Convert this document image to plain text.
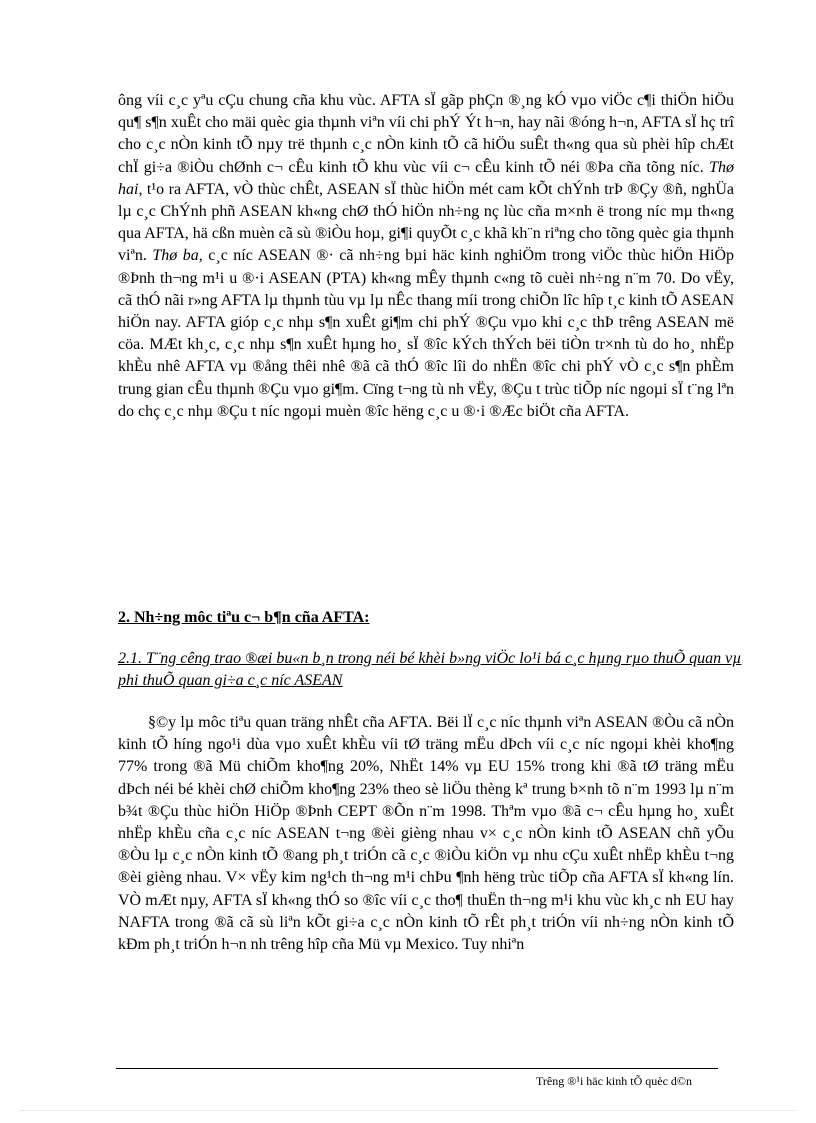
ông víi c¸c yªu cÇu chung cña khu vùc. AFTA sÏ gãp phÇn ®¸ng kÓ vµo viÖc c¶i thiÖn hiÖu qu¶ s¶n xuÊt cho mäi quèc gia thµnh viªn víi chi phÝ Ýt h¬n, hay nãi ®óng h¬n, AFTA sÏ hç trî cho c¸c nÒn kinh tÕ nµy trë thµnh c¸c nÒn kinh tÕ cã hiÖu suÊt th«ng qua sù phèi hîp chÆt chÏ gi÷a ®iÒu chØnh c¬ cÊu kinh tÕ khu vùc víi c¬ cÊu kinh tÕ néi ®Þa cña tõng níc. Thø hai, t¹o ra AFTA, vÒ thùc chÊt, ASEAN sÏ thùc hiÖn mét cam kÕt chÝnh trÞ ®Çy ®ñ, nghÜa lµ c¸c ChÝnh phñ ASEAN kh«ng chØ thÓ hiÖn nh÷ng nç lùc cña m×nh ë trong níc mµ th«ng qua AFTA, hä cßn muèn cã sù ®iÒu hoµ, gi¶i quyÕt c¸c khã kh¨n riªng cho tõng quèc gia thµnh viªn. Thø ba, c¸c níc ASEAN ®· cã nh÷ng bµi häc kinh nghiÖm trong viÖc thùc hiÖn HiÖp ®Þnh th¬ng m¹i u ®·i ASEAN (PTA) kh«ng mÊy thµnh c«ng tõ cuèi nh÷ng n¨m 70. Do vËy, cã thÓ nãi r»ng AFTA lµ thµnh tùu vµ lµ nÊc thang míi trong chiÕn lîc hîp t¸c kinh tÕ ASEAN hiÖn nay. AFTA gióp c¸c nhµ s¶n xuÊt gi¶m chi phÝ ®Çu vµo khi c¸c thÞ trêng ASEAN më cöa. MÆt kh¸c, c¸c nhµ s¶n xuÊt hµng ho¸ sÏ ®îc kÝch thÝch bëi tiÒn tr×nh tù do ho¸ nhËp khÈu nhê AFTA vµ ®ång thêi nhê ®ã cã thÓ ®îc lîi do nhËn ®îc chi phÝ vÒ c¸c s¶n phÈm trung gian cÊu thµnh ®Çu vµo gi¶m. Cïng t¬ng tù nh vËy, ®Çu t trùc tiÕp níc ngoµi sÏ t¨ng lªn do chç c¸c nhµ ®Çu t níc ngoµi muèn ®îc hëng c¸c u ®·i ®Æc biÖt cña AFTA.

2. Nh÷ng môc tiªu c¬ b¶n cña AFTA:
2.1. T¨ng cêng trao ®æi bu«n b¸n trong néi bé khèi b»ng viÖc lo¹i bá c¸c hµng rµo thuÕ quan vµ phi thuÕ quan gi÷a c¸c níc ASEAN

§©y lµ môc tiªu quan träng nhÊt cña AFTA. Bëi lÏ c¸c níc thµnh viªn ASEAN ®Òu cã nÒn kinh tÕ híng ngo¹i dùa vµo xuÊt khÈu víi tØ träng mËu dÞch víi c¸c níc ngoµi khèi kho¶ng 77% trong ®ã Mü chiÕm kho¶ng 20%, NhËt 14% vµ EU 15% trong khi ®ã tØ träng mËu dÞch néi bé khèi chØ chiÕm kho¶ng 23% theo sè liÖu thèng kª trung b×nh tõ n¨m 1993 lµ n¨m b¾t ®Çu thùc hiÖn HiÖp ®Þnh CEPT ®Õn n¨m 1998. Thªm vµo ®ã c¬ cÊu hµng ho¸ xuÊt nhËp khÈu cña c¸c níc ASEAN t¬ng ®èi gièng nhau v× c¸c nÒn kinh tÕ ASEAN chñ yÕu ®Òu lµ c¸c nÒn kinh tÕ ®ang ph¸t triÓn cã c¸c ®iÒu kiÖn vµ nhu cÇu xuÊt nhËp khÈu t¬ng ®èi gièng nhau. V× vËy kim ng¹ch th¬ng m¹i chÞu ¶nh hëng trùc tiÕp cña AFTA sÏ kh«ng lín. VÒ mÆt nµy, AFTA sÏ kh«ng thÓ so ®îc víi c¸c tho¶ thuËn th¬ng m¹i khu vùc kh¸c nh EU hay NAFTA trong ®ã cã sù liªn kÕt gi÷a c¸c nÒn kinh tÕ rÊt ph¸t triÓn víi nh÷ng nÒn kinh tÕ kÐm ph¸t triÓn h¬n nh trêng hîp cña Mü vµ Mexico. Tuy nhiªn

Trêng ®¹i häc kinh tÕ quèc d©n
